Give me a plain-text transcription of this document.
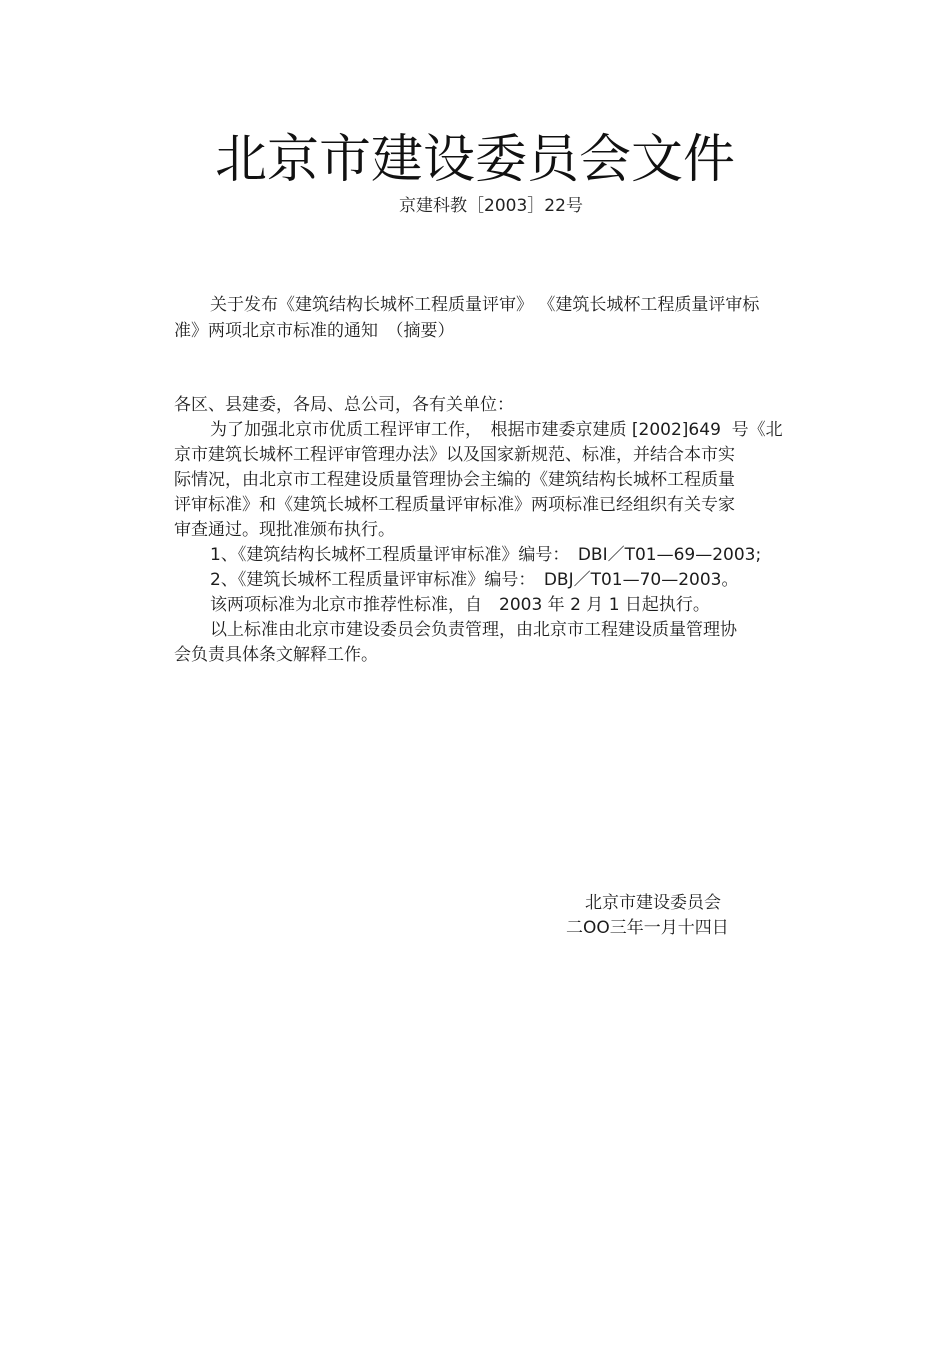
北京市建设委员会文件
京建科教［2003］22号
关于发布《建筑结构长城杯工程质量评审》 《建筑长城杯工程质量评审标
准》两项北京市标准的通知　（摘要）
各区、县建委，各局、总公司，各有关单位：
为了加强北京市优质工程评审工作，　根据市建委京建质 [2002]649  号《北
京市建筑长城杯工程评审管理办法》以及国家新规范、标准，并结合本市实
际情况，由北京市工程建设质量管理协会主编的《建筑结构长城杯工程质量
评审标准》和《建筑长城杯工程质量评审标准》两项标准已经组织有关专家
审查通过。现批准颁布执行。
1、《建筑结构长城杯工程质量评审标准》编号：　DBI／T01—69—2003;
2、《建筑长城杯工程质量评审标准》编号：　DBJ／T01—70—2003。
该两项标准为北京市推荐性标准，自　2003 年 2 月 1 日起执行。
以上标准由北京市建设委员会负责管理，由北京市工程建设质量管理协
会负责具体条文解释工作。
北京市建设委员会
二OO三年一月十四日
